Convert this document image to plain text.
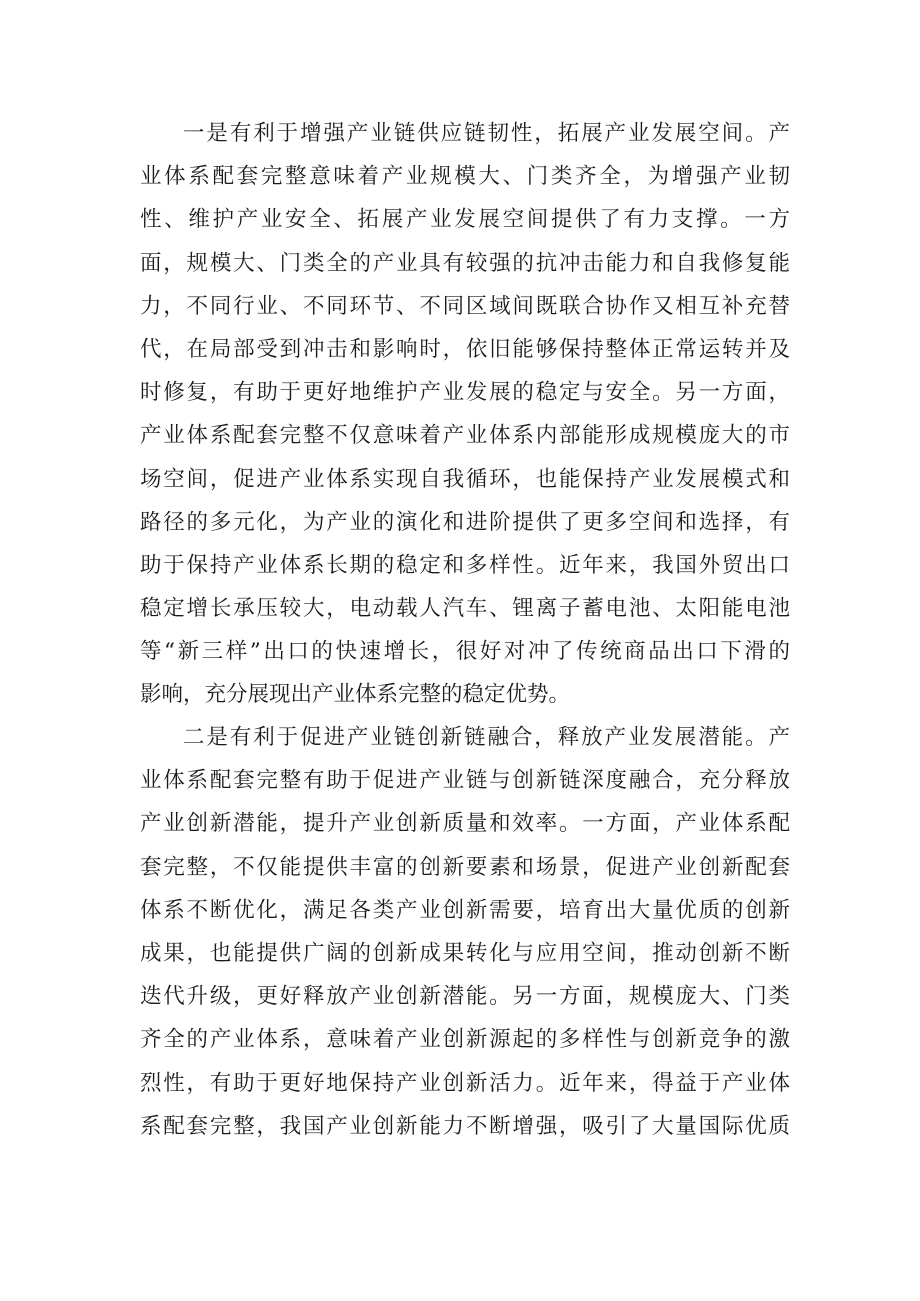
一是有利于增强产业链供应链韧性，拓展产业发展空间。产
业体系配套完整意味着产业规模大、门类齐全，为增强产业韧
性、维护产业安全、拓展产业发展空间提供了有力支撑。一方
面，规模大、门类全的产业具有较强的抗冲击能力和自我修复能
力，不同行业、不同环节、不同区域间既联合协作又相互补充替
代，在局部受到冲击和影响时，依旧能够保持整体正常运转并及
时修复，有助于更好地维护产业发展的稳定与安全。另一方面，
产业体系配套完整不仅意味着产业体系内部能形成规模庞大的市
场空间，促进产业体系实现自我循环，也能保持产业发展模式和
路径的多元化，为产业的演化和进阶提供了更多空间和选择，有
助于保持产业体系长期的稳定和多样性。近年来，我国外贸出口
稳定增长承压较大，电动载人汽车、锂离子蓄电池、太阳能电池
等“新三样”出口的快速增长，很好对冲了传统商品出口下滑的
影响，充分展现出产业体系完整的稳定优势。
二是有利于促进产业链创新链融合，释放产业发展潜能。产
业体系配套完整有助于促进产业链与创新链深度融合，充分释放
产业创新潜能，提升产业创新质量和效率。一方面，产业体系配
套完整，不仅能提供丰富的创新要素和场景，促进产业创新配套
体系不断优化，满足各类产业创新需要，培育出大量优质的创新
成果，也能提供广阔的创新成果转化与应用空间，推动创新不断
迭代升级，更好释放产业创新潜能。另一方面，规模庞大、门类
齐全的产业体系，意味着产业创新源起的多样性与创新竞争的激
烈性，有助于更好地保持产业创新活力。近年来，得益于产业体
系配套完整，我国产业创新能力不断增强，吸引了大量国际优质
